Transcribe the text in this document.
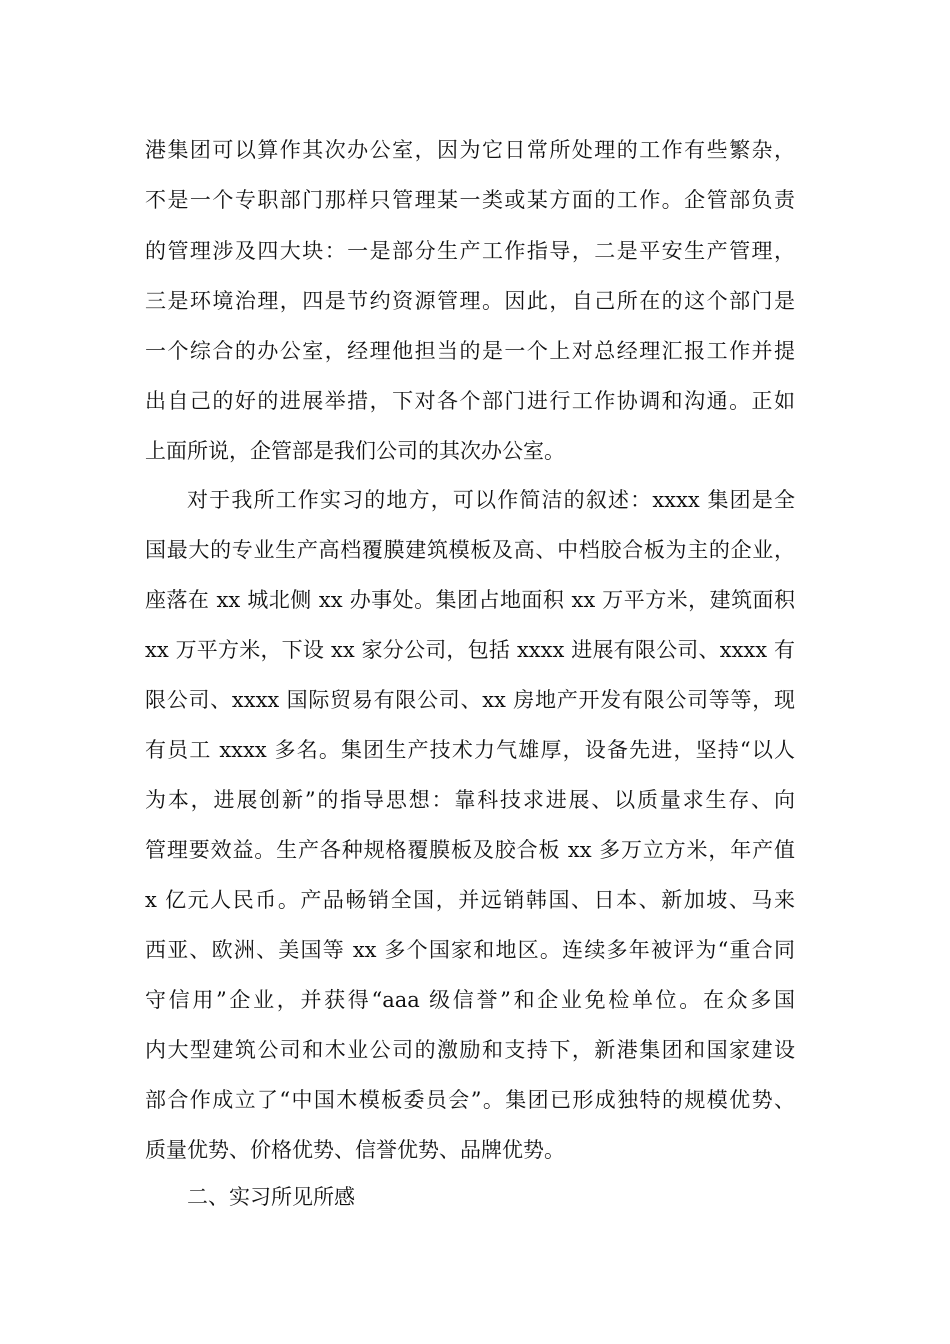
港集团可以算作其次办公室，因为它日常所处理的工作有些繁杂，
不是一个专职部门那样只管理某一类或某方面的工作。企管部负责
的管理涉及四大块：一是部分生产工作指导，二是平安生产管理，
三是环境治理，四是节约资源管理。因此，自己所在的这个部门是
一个综合的办公室，经理他担当的是一个上对总经理汇报工作并提
出自己的好的进展举措，下对各个部门进行工作协调和沟通。正如
上面所说，企管部是我们公司的其次办公室。
对于我所工作实习的地方，可以作简洁的叙述：xxxx 集团是全
国最大的专业生产高档覆膜建筑模板及高、中档胶合板为主的企业，
座落在 xx 城北侧 xx 办事处。集团占地面积 xx 万平方米，建筑面积
xx 万平方米，下设 xx 家分公司，包括 xxxx 进展有限公司、xxxx 有
限公司、xxxx 国际贸易有限公司、xx 房地产开发有限公司等等，现
有员工 xxxx 多名。集团生产技术力气雄厚，设备先进，坚持“以人
为本，进展创新”的指导思想：靠科技求进展、以质量求生存、向
管理要效益。生产各种规格覆膜板及胶合板 xx 多万立方米，年产值
x 亿元人民币。产品畅销全国，并远销韩国、日本、新加坡、马来
西亚、欧洲、美国等 xx 多个国家和地区。连续多年被评为“重合同
守信用”企业，并获得“aaa 级信誉”和企业免检单位。在众多国
内大型建筑公司和木业公司的激励和支持下，新港集团和国家建设
部合作成立了“中国木模板委员会”。集团已形成独特的规模优势、
质量优势、价格优势、信誉优势、品牌优势。
二、实习所见所感
